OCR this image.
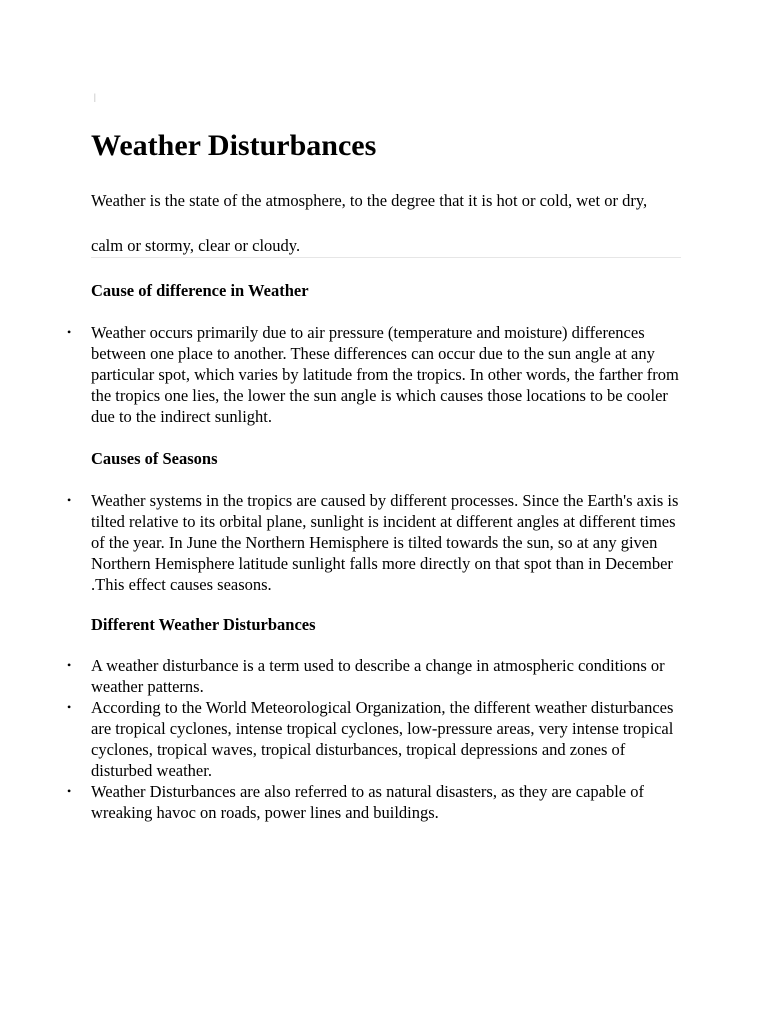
|
Weather Disturbances

Weather is the state of the atmosphere, to the degree that it is hot or cold, wet or dry, calm or stormy, clear or cloudy.

Cause of difference in Weather
• Weather occurs primarily due to air pressure (temperature and moisture) differences between one place to another. These differences can occur due to the sun angle at any particular spot, which varies by latitude from the tropics. In other words, the farther from the tropics one lies, the lower the sun angle is which causes those locations to be cooler due to the indirect sunlight.
Causes of Seasons
• Weather systems in the tropics are caused by different processes. Since the Earth's axis is tilted relative to its orbital plane, sunlight is incident at different angles at different times of the year. In June the Northern Hemisphere is tilted towards the sun, so at any given Northern Hemisphere latitude sunlight falls more directly on that spot than in December .This effect causes seasons.
Different Weather Disturbances
• A weather disturbance is a term used to describe a change in atmospheric conditions or weather patterns.
• According to the World Meteorological Organization, the different weather disturbances are tropical cyclones, intense tropical cyclones, low-pressure areas, very intense tropical cyclones, tropical waves, tropical disturbances, tropical depressions and zones of disturbed weather.
• Weather Disturbances are also referred to as natural disasters, as they are capable of wreaking havoc on roads, power lines and buildings.
